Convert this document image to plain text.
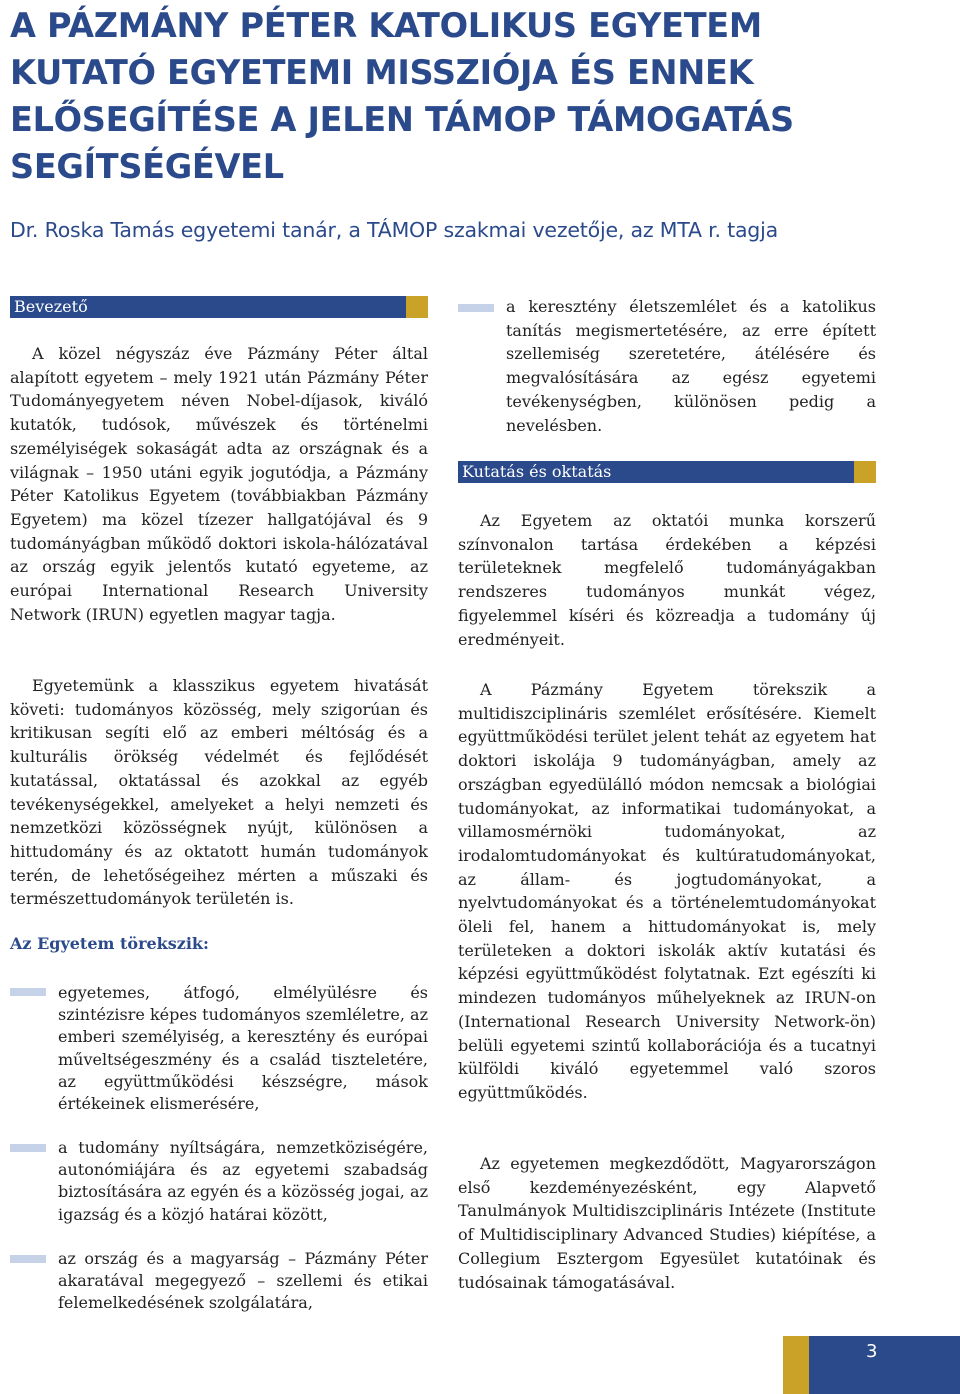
A PÁZMÁNY PÉTER KATOLIKUS EGYETEM
KUTATÓ EGYETEMI MISSZIÓJA ÉS ENNEK
ELŐSEGÍTÉSE A JELEN TÁMOP TÁMOGATÁS
SEGÍTSÉGÉVEL
Dr. Roska Tamás egyetemi tanár, a TÁMOP szakmai vezetője, az MTA r. tagja
Bevezető

A közel négyszáz éve Pázmány Péter által alapított egyetem – mely 1921 után Pázmány Péter Tudományegyetem néven Nobel-díjasok, kiváló kutatók, tudósok, művészek és történelmi személyiségek sokaságát adta az országnak és a világnak – 1950 utáni egyik jogutódja, a Pázmány Péter Katolikus Egyetem (továbbiakban Pázmány Egyetem) ma közel tízezer hallgatójával és 9 tudományágban működő doktori iskola-hálózatával az ország egyik jelentős kutató egyeteme, az európai International Research University Network (IRUN) egyetlen magyar tagja.

Egyetemünk a klasszikus egyetem hivatását követi: tudományos közösség, mely szigorúan és kritikusan segíti elő az emberi méltóság és a kulturális örökség védelmét és fejlődését kutatással, oktatással és azokkal az egyéb tevékenységekkel, amelyeket a helyi nemzeti és nemzetközi közösségnek nyújt, különösen a hittudomány és az oktatott humán tudományok terén, de lehetőségeihez mérten a műszaki és természettudományok területén is.

Az Egyetem törekszik:

egyetemes, átfogó, elmélyülésre és szintézisre képes tudományos szemléletre, az emberi személyiség, a keresztény és európai műveltségeszmény és a család tiszteletére, az együttműködési készségre, mások értékeinek elismerésére,

a tudomány nyíltságára, nemzetköziségére, autonómiájára és az egyetemi szabadság biztosítására az egyén és a közösség jogai, az igazság és a közjó határai között,

az ország és a magyarság – Pázmány Péter akaratával megegyező – szellemi és etikai felemelkedésének szolgálatára,

a keresztény életszemlélet és a katolikus tanítás megismertetésére, az erre épített szellemiség szeretetére, átélésére és megvalósítására az egész egyetemi tevékenységben, különösen pedig a nevelésben.

Kutatás és oktatás

Az Egyetem az oktatói munka korszerű színvonalon tartása érdekében a képzési területeknek megfelelő tudományágakban rendszeres tudományos munkát végez, figyelemmel kíséri és közreadja a tudomány új eredményeit.

A Pázmány Egyetem törekszik a multidiszciplináris szemlélet erősítésére. Kiemelt együttműködési terület jelent tehát az egyetem hat doktori iskolája 9 tudományágban, amely az országban egyedülálló módon nemcsak a biológiai tudományokat, az informatikai tudományokat, a villamosmérnöki tudományokat, az irodalomtudományokat és kultúratudományokat, az állam- és jogtudományokat, a nyelvtudományokat és a történelemtudományokat öleli fel, hanem a hittudományokat is, mely területeken a doktori iskolák aktív kutatási és képzési együttműködést folytatnak. Ezt egészíti ki mindezen tudományos műhelyeknek az IRUN-on (International Research University Network-ön) belüli egyetemi szintű kollaborációja és a tucatnyi külföldi kiváló egyetemmel való szoros együttműködés.

Az egyetemen megkezdődött, Magyarországon első kezdeményezésként, egy Alapvető Tanulmányok Multidiszciplináris Intézete (Institute of Multidisciplinary Advanced Studies) kiépítése, a Collegium Esztergom Egyesület kutatóinak és tudósainak támogatásával.

3
